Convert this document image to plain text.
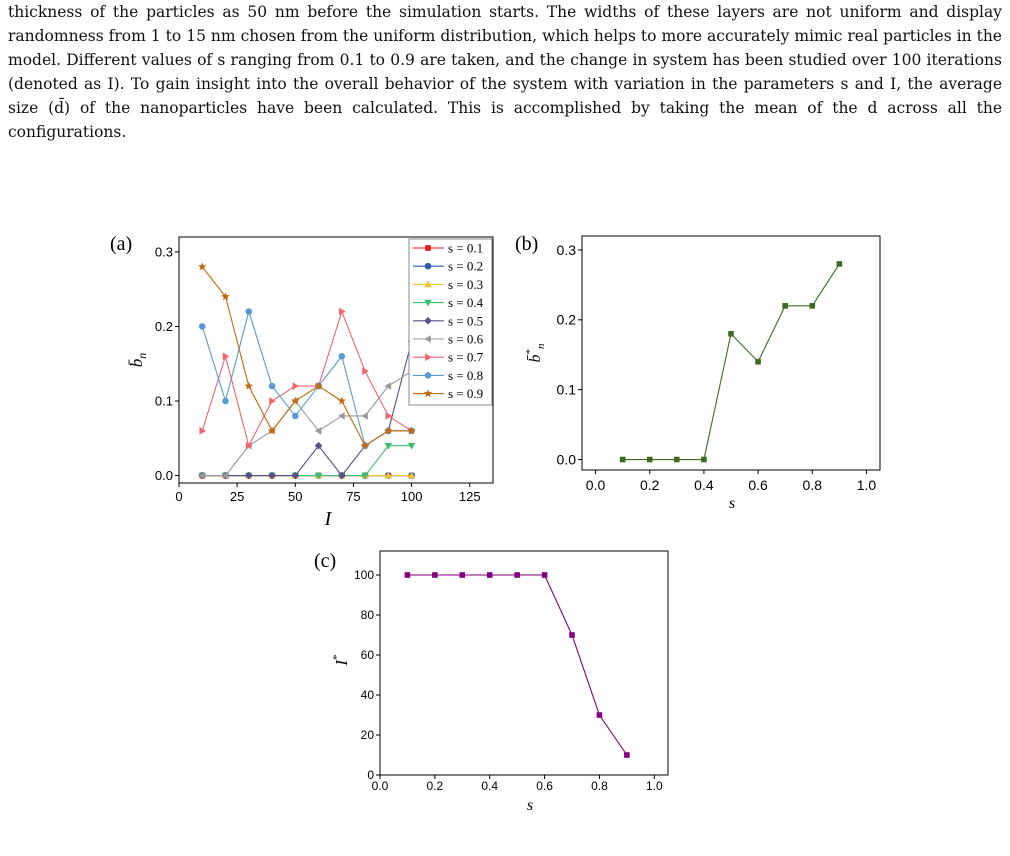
thickness of the particles as 50 nm before the simulation starts. The widths of these layers are not uniform and display randomness from 1 to 15 nm chosen from the uniform distribution, which helps to more accurately mimic real particles in the model. Different values of s ranging from 0.1 to 0.9 are taken, and the change in system has been studied over 100 iterations (denoted as I). To gain insight into the overall behavior of the system with variation in the parameters s and I, the average size (d̄) of the nanoparticles have been calculated. This is accomplished by taking the mean of the d across all the configurations.

(a)
0	25	50	75	100	125
0.0
0.1
0.2
0.3
I
$b̄_n$
s = 0.1
s = 0.2
s = 0.3
s = 0.4
s = 0.5
s = 0.6
s = 0.7
s = 0.8
s = 0.9
(b)
0.0 0.2 0.4 0.6 0.8 1.0
0.0
0.1
0.2
0.3
s
$b̄^*_n$
(c)
0.0	0.2	0.4	0.6	0.8	1.0
0
20
40
60
80
100
s
I*
